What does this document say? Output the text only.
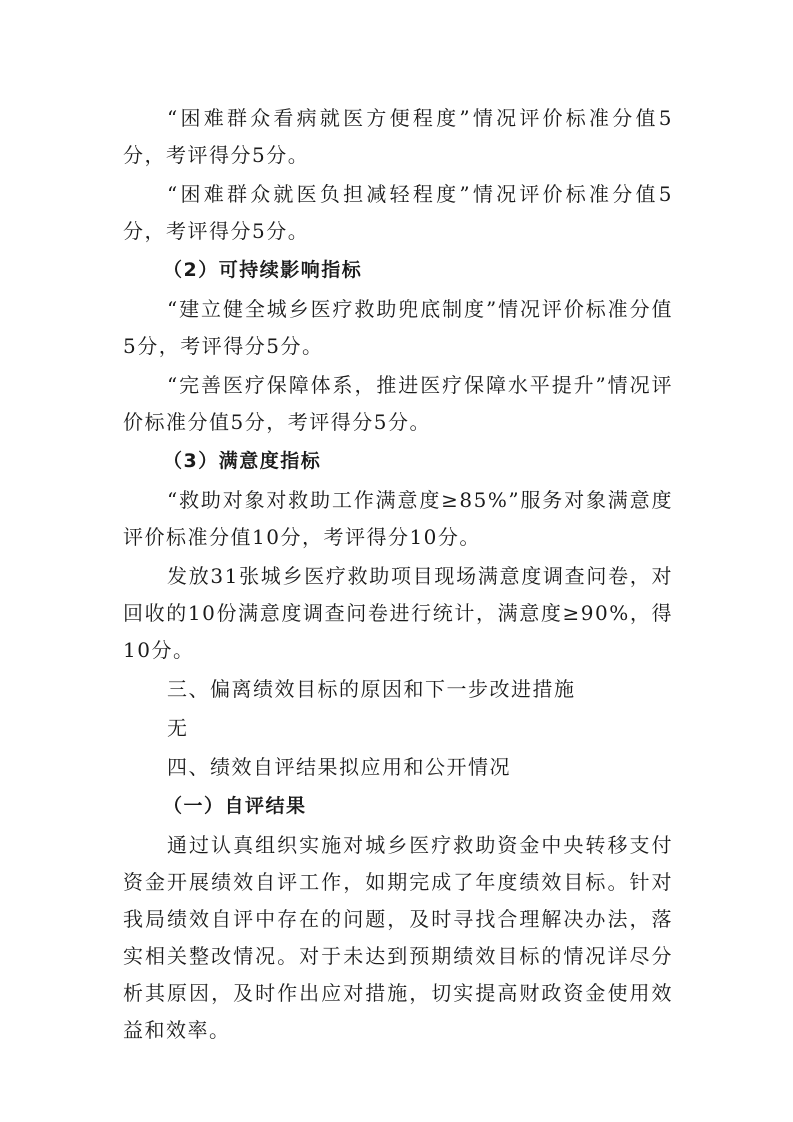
“困难群众看病就医方便程度”情况评价标准分值5分，考评得分5分。

“困难群众就医负担减轻程度”情况评价标准分值5分，考评得分5分。

（2）可持续影响指标

“建立健全城乡医疗救助兜底制度”情况评价标准分值5分，考评得分5分。

“完善医疗保障体系，推进医疗保障水平提升”情况评价标准分值5分，考评得分5分。

（3）满意度指标

“救助对象对救助工作满意度≥85%”服务对象满意度评价标准分值10分，考评得分10分。

发放31张城乡医疗救助项目现场满意度调查问卷，对回收的10份满意度调查问卷进行统计，满意度≥90%，得10分。

三、偏离绩效目标的原因和下一步改进措施

无

四、绩效自评结果拟应用和公开情况

（一）自评结果

通过认真组织实施对城乡医疗救助资金中央转移支付资金开展绩效自评工作，如期完成了年度绩效目标。针对我局绩效自评中存在的问题，及时寻找合理解决办法，落实相关整改情况。对于未达到预期绩效目标的情况详尽分析其原因，及时作出应对措施，切实提高财政资金使用效益和效率。
